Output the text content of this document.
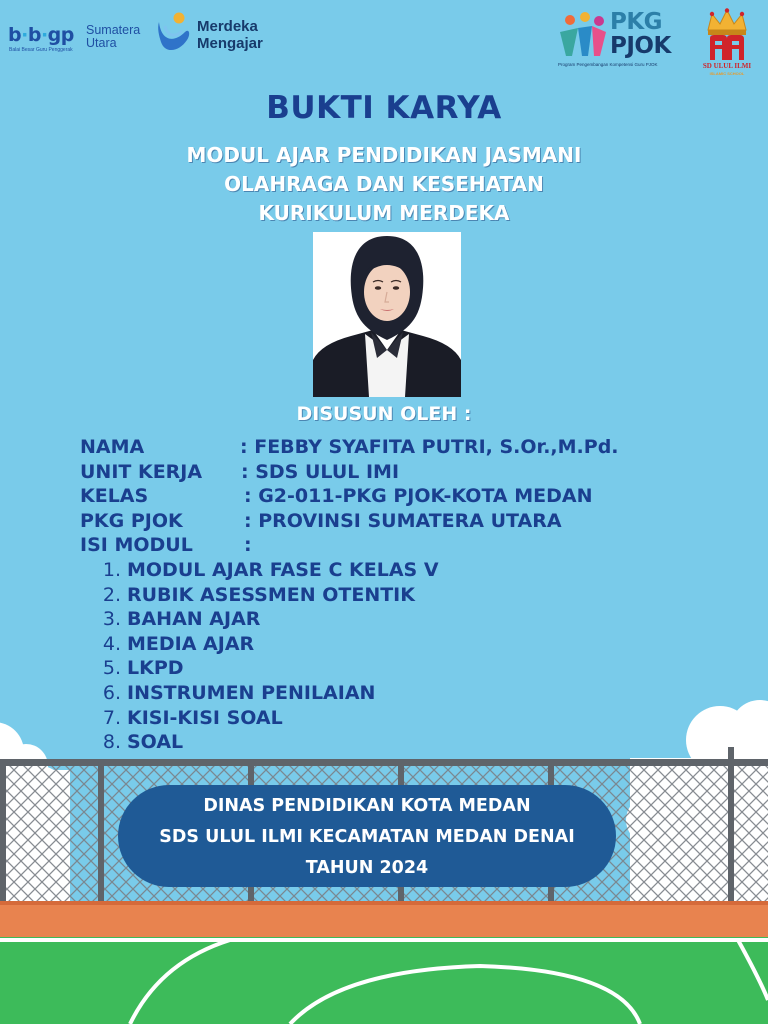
b·b·gp
Balai Besar Guru Penggerak
Sumatera
Utara
Merdeka
Mengajar
PKG
PJOK
Program Pengembangan Kompetensi Guru PJOK	SD ULUL ILMI
ISLAMIC SCHOOL
BUKTI KARYA
MODUL AJAR PENDIDIKAN JASMANI
OLAHRAGA DAN KESEHATAN
KURIKULUM MERDEKA
DISUSUN OLEH :
NAMA	: FEBBY SYAFITA PUTRI, S.Or.,M.Pd.
UNIT KERJA : SDS ULUL IMI
KELAS	: G2-011-PKG PJOK-KOTA MEDAN
PKG PJOK	: PROVINSI SUMATERA UTARA
ISI MODUL	:
1. MODUL AJAR FASE C KELAS V
2. RUBIK ASESSMEN OTENTIK
3. BAHAN AJAR
4. MEDIA AJAR
5. LKPD
6. INSTRUMEN PENILAIAN
7. KISI-KISI SOAL
8. SOAL
DINAS PENDIDIKAN KOTA MEDAN
SDS ULUL ILMI KECAMATAN MEDAN DENAI
TAHUN 2024
